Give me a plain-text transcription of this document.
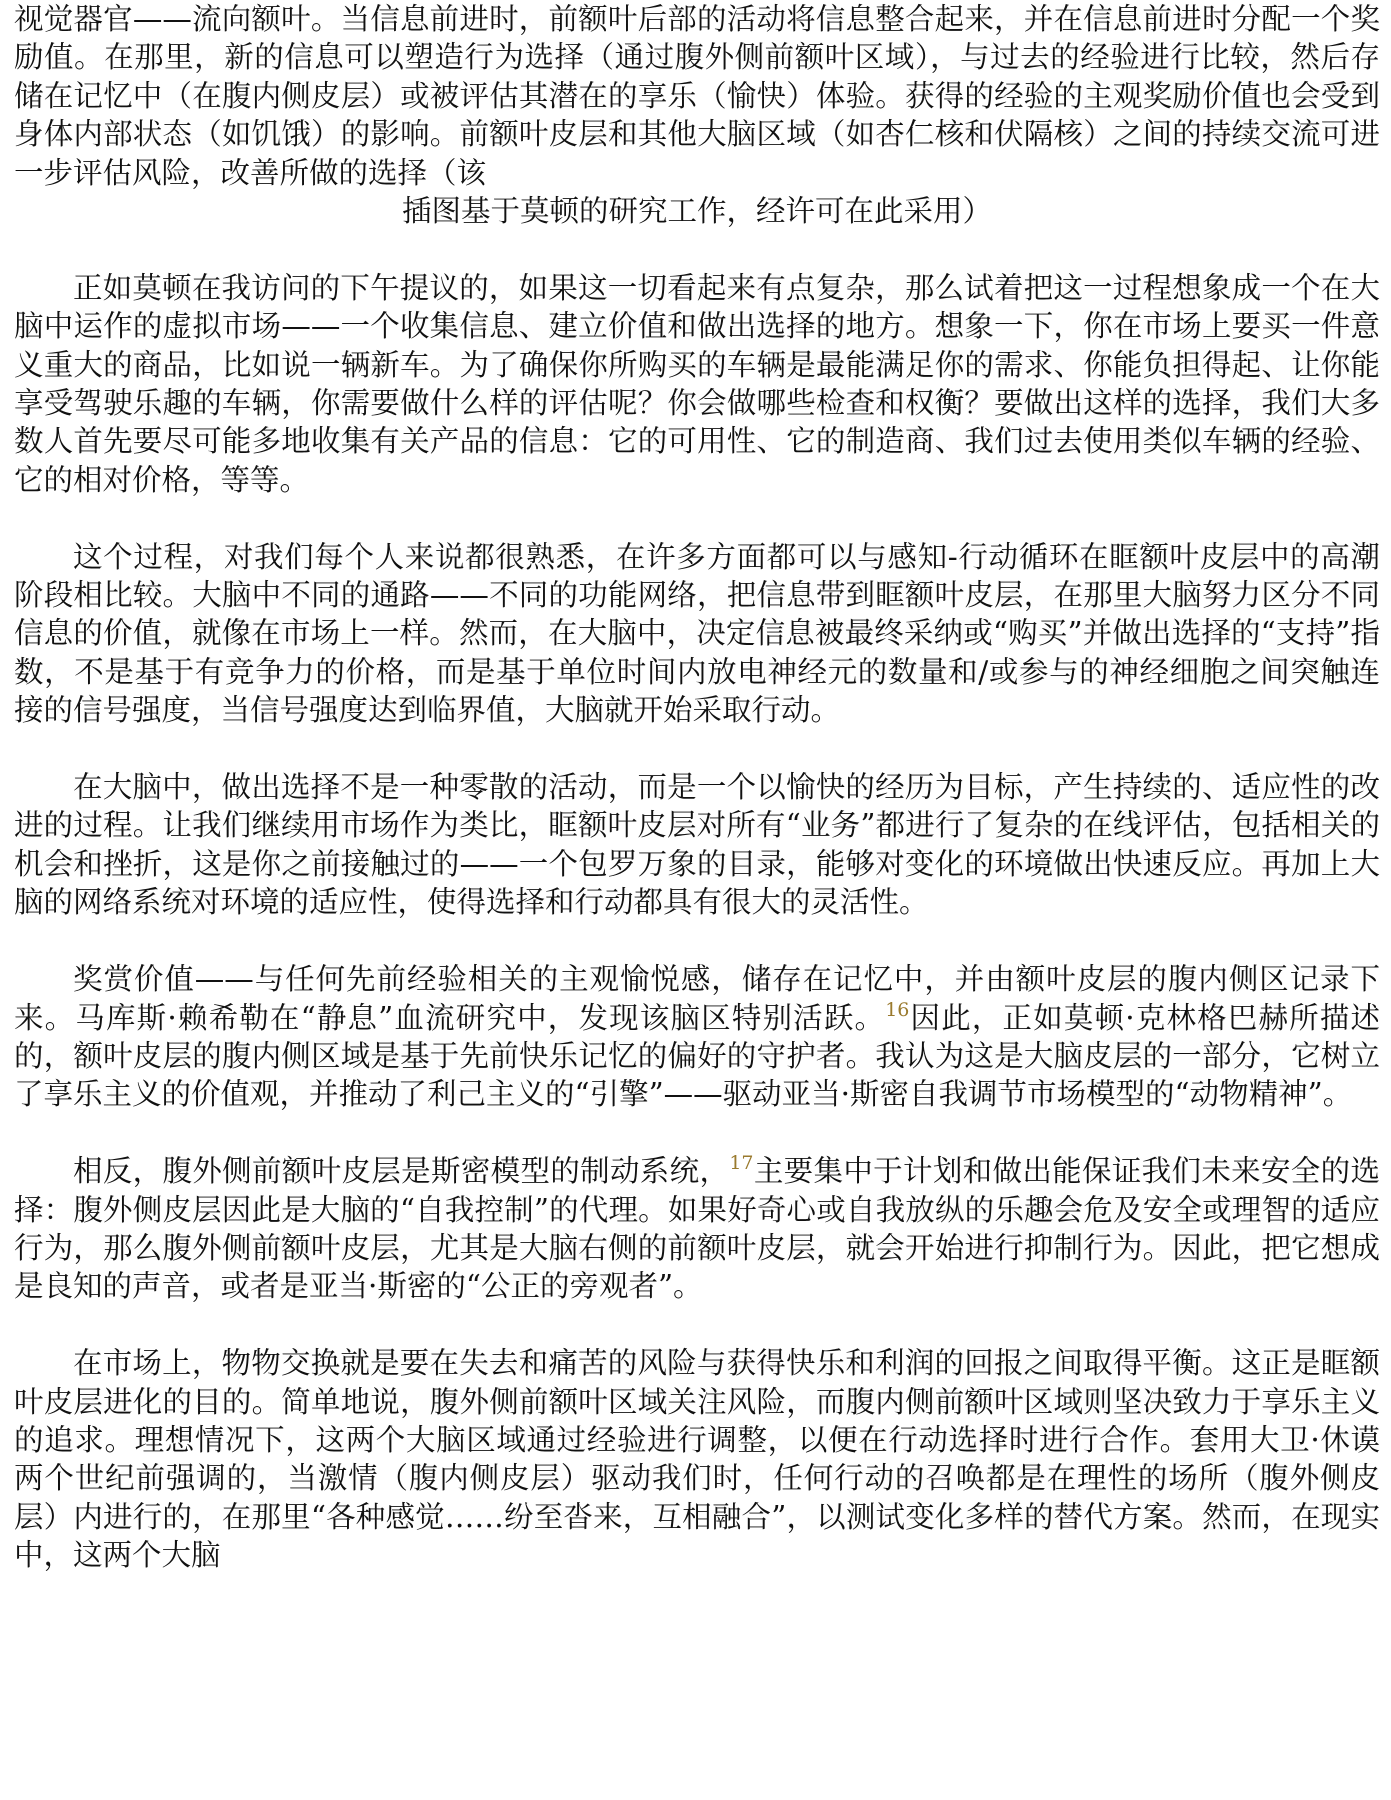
视觉器官——流向额叶。当信息前进时，前额叶后部的活动将信息整合起来，并在信息前进时分配一个奖励值。在那里，新的信息可以塑造行为选择（通过腹外侧前额叶区域），与过去的经验进行比较，然后存储在记忆中（在腹内侧皮层）或被评估其潜在的享乐（愉快）体验。获得的经验的主观奖励价值也会受到身体内部状态（如饥饿）的影响。前额叶皮层和其他大脑区域（如杏仁核和伏隔核）之间的持续交流可进一步评估风险，改善所做的选择（该
插图基于莫顿的研究工作，经许可在此采用）

正如莫顿在我访问的下午提议的，如果这一切看起来有点复杂，那么试着把这一过程想象成一个在大脑中运作的虚拟市场——一个收集信息、建立价值和做出选择的地方。想象一下，你在市场上要买一件意义重大的商品，比如说一辆新车。为了确保你所购买的车辆是最能满足你的需求、你能负担得起、让你能享受驾驶乐趣的车辆，你需要做什么样的评估呢？你会做哪些检查和权衡？要做出这样的选择，我们大多数人首先要尽可能多地收集有关产品的信息：它的可用性、它的制造商、我们过去使用类似车辆的经验、它的相对价格，等等。

这个过程，对我们每个人来说都很熟悉，在许多方面都可以与感知-行动循环在眶额叶皮层中的高潮阶段相比较。大脑中不同的通路——不同的功能网络，把信息带到眶额叶皮层，在那里大脑努力区分不同信息的价值，就像在市场上一样。然而，在大脑中，决定信息被最终采纳或“购买”并做出选择的“支持”指数，不是基于有竞争力的价格，而是基于单位时间内放电神经元的数量和/或参与的神经细胞之间突触连接的信号强度，当信号强度达到临界值，大脑就开始采取行动。

在大脑中，做出选择不是一种零散的活动，而是一个以愉快的经历为目标，产生持续的、适应性的改进的过程。让我们继续用市场作为类比，眶额叶皮层对所有“业务”都进行了复杂的在线评估，包括相关的机会和挫折，这是你之前接触过的——一个包罗万象的目录，能够对变化的环境做出快速反应。再加上大脑的网络系统对环境的适应性，使得选择和行动都具有很大的灵活性。

奖赏价值——与任何先前经验相关的主观愉悦感，储存在记忆中，并由额叶皮层的腹内侧区记录下来。马库斯·赖希勒在“静息”血流研究中，发现该脑区特别活跃。$^{16}$因此，正如莫顿·克林格巴赫所描述的，额叶皮层的腹内侧区域是基于先前快乐记忆的偏好的守护者。我认为这是大脑皮层的一部分，它树立了享乐主义的价值观，并推动了利己主义的“引擎”——驱动亚当·斯密自我调节市场模型的“动物精神”。

相反，腹外侧前额叶皮层是斯密模型的制动系统，$^{17}$主要集中于计划和做出能保证我们未来安全的选择：腹外侧皮层因此是大脑的“自我控制”的代理。如果好奇心或自我放纵的乐趣会危及安全或理智的适应行为，那么腹外侧前额叶皮层，尤其是大脑右侧的前额叶皮层，就会开始进行抑制行为。因此，把它想成是良知的声音，或者是亚当·斯密的“公正的旁观者”。

在市场上，物物交换就是要在失去和痛苦的风险与获得快乐和利润的回报之间取得平衡。这正是眶额叶皮层进化的目的。简单地说，腹外侧前额叶区域关注风险，而腹内侧前额叶区域则坚决致力于享乐主义的追求。理想情况下，这两个大脑区域通过经验进行调整，以便在行动选择时进行合作。套用大卫·休谟两个世纪前强调的，当激情（腹内侧皮层）驱动我们时，任何行动的召唤都是在理性的场所（腹外侧皮层）内进行的，在那里“各种感觉……纷至沓来，互相融合”，以测试变化多样的替代方案。然而，在现实中，这两个大脑
